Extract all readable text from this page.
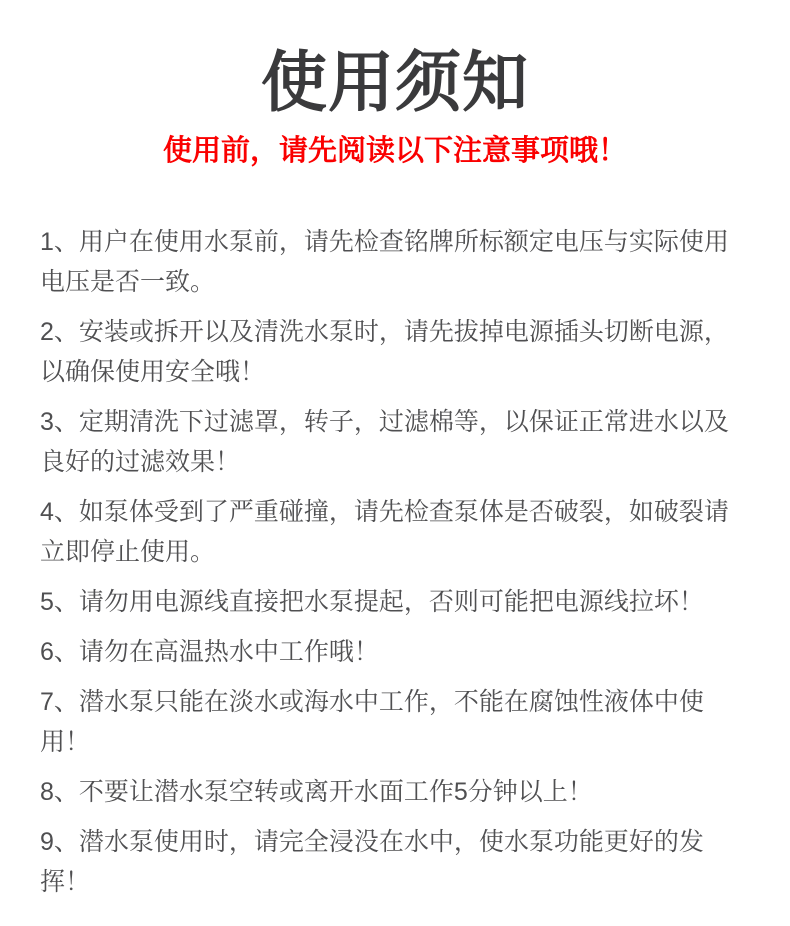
使用须知
使用前，请先阅读以下注意事项哦！

1、用户在使用水泵前，请先检查铭牌所标额定电压与实际使用电压是否一致。

2、安装或拆开以及清洗水泵时，请先拔掉电源插头切断电源，以确保使用安全哦！

3、定期清洗下过滤罩，转子，过滤棉等，以保证正常进水以及良好的过滤效果！

4、如泵体受到了严重碰撞，请先检查泵体是否破裂，如破裂请立即停止使用。

5、请勿用电源线直接把水泵提起，否则可能把电源线拉坏！

6、请勿在高温热水中工作哦！

7、潜水泵只能在淡水或海水中工作，不能在腐蚀性液体中使用！

8、不要让潜水泵空转或离开水面工作5分钟以上！

9、潜水泵使用时，请完全浸没在水中，使水泵功能更好的发挥！
